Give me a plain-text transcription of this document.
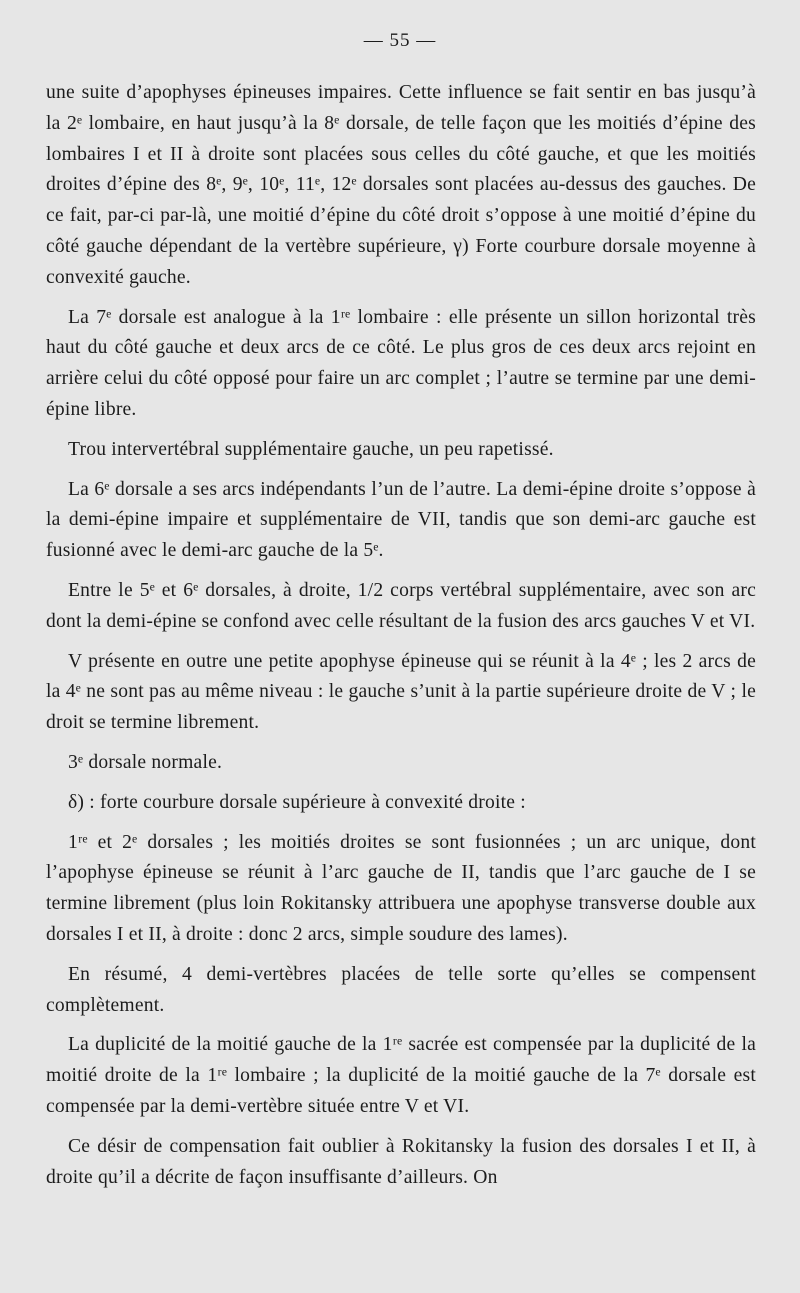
— 55 —

une suite d’apophyses épineuses impaires. Cette influence se fait sentir en bas jusqu’à la 2ᵉ lombaire, en haut jusqu’à la 8ᵉ dorsale, de telle façon que les moitiés d’épine des lombaires I et II à droite sont placées sous celles du côté gauche, et que les moitiés droites d’épine des 8ᵉ, 9ᵉ, 10ᵉ, 11ᵉ, 12ᵉ dorsales sont placées au-dessus des gauches. De ce fait, par-ci par-là, une moitié d’épine du côté droit s’oppose à une moitié d’épine du côté gauche dépendant de la vertèbre supérieure, γ) Forte courbure dorsale moyenne à convexité gauche.

La 7ᵉ dorsale est analogue à la 1ʳᵉ lombaire : elle présente un sillon horizontal très haut du côté gauche et deux arcs de ce côté. Le plus gros de ces deux arcs rejoint en arrière celui du côté opposé pour faire un arc complet ; l’autre se termine par une demi-épine libre.

Trou intervertébral supplémentaire gauche, un peu rapetissé.

La 6ᵉ dorsale a ses arcs indépendants l’un de l’autre. La demi-épine droite s’oppose à la demi-épine impaire et supplémentaire de VII, tandis que son demi-arc gauche est fusionné avec le demi-arc gauche de la 5ᵉ.

Entre le 5ᵉ et 6ᵉ dorsales, à droite, 1/2 corps vertébral supplémentaire, avec son arc dont la demi-épine se confond avec celle résultant de la fusion des arcs gauches V et VI.

V présente en outre une petite apophyse épineuse qui se réunit à la 4ᵉ ; les 2 arcs de la 4ᵉ ne sont pas au même niveau : le gauche s’unit à la partie supérieure droite de V ; le droit se termine librement.

3ᵉ dorsale normale.

δ) : forte courbure dorsale supérieure à convexité droite :

1ʳᵉ et 2ᵉ dorsales ; les moitiés droites se sont fusionnées ; un arc unique, dont l’apophyse épineuse se réunit à l’arc gauche de II, tandis que l’arc gauche de I se termine librement (plus loin Rokitansky attribuera une apophyse transverse double aux dorsales I et II, à droite : donc 2 arcs, simple soudure des lames).

En résumé, 4 demi-vertèbres placées de telle sorte qu’elles se compensent complètement.

La duplicité de la moitié gauche de la 1ʳᵉ sacrée est compensée par la duplicité de la moitié droite de la 1ʳᵉ lombaire ; la duplicité de la moitié gauche de la 7ᵉ dorsale est compensée par la demi-vertèbre située entre V et VI.

Ce désir de compensation fait oublier à Rokitansky la fusion des dorsales I et II, à droite qu’il a décrite de façon insuffisante d’ailleurs. On
